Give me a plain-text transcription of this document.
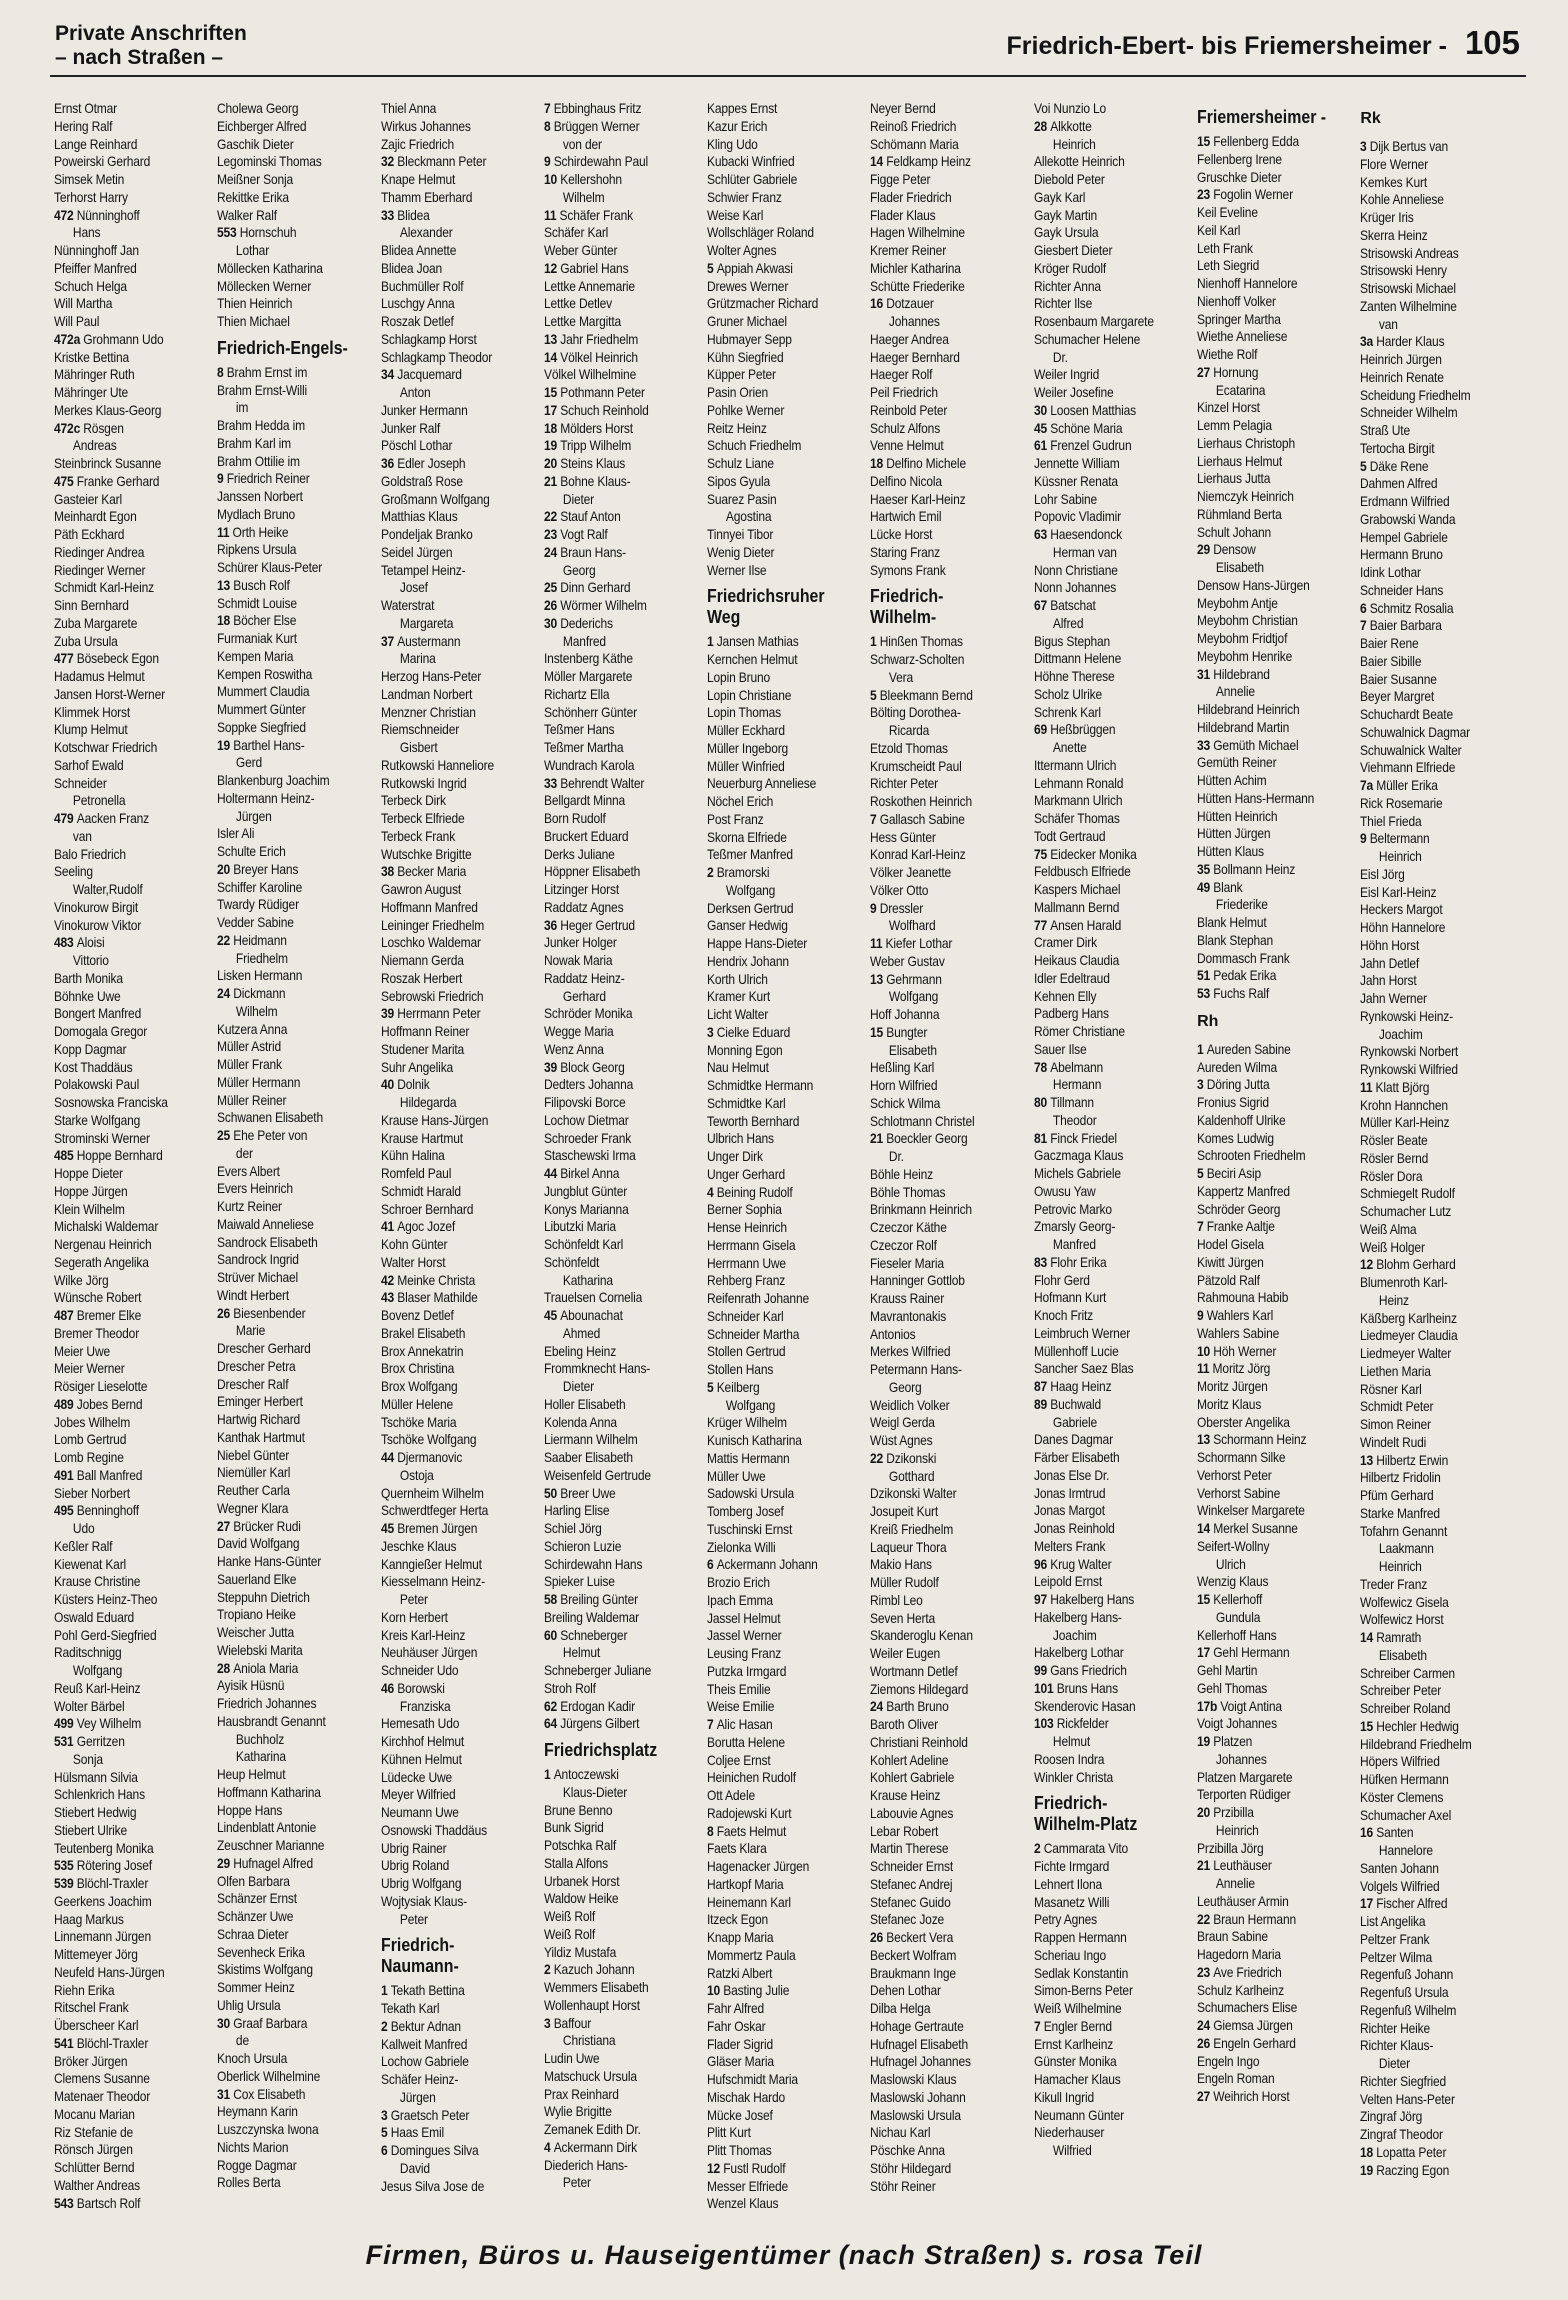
Private Anschriften
– nach Straßen –	Friedrich-Ebert- bis Friemersheimer - 105
Ernst Otmar
Hering Ralf
Lange Reinhard
Poweirski Gerhard
Simsek Metin
Terhorst Harry
472 Nünninghoff
Hans
Nünninghoff Jan
Pfeiffer Manfred
Schuch Helga
Will Martha
Will Paul
472a Grohmann Udo
Kristke Bettina
Mähringer Ruth
Mähringer Ute
Merkes Klaus-Georg
472c Rösgen
Andreas
Steinbrinck Susanne
475 Franke Gerhard
Gasteier Karl
Meinhardt Egon
Päth Eckhard
Riedinger Andrea
Riedinger Werner
Schmidt Karl-Heinz
Sinn Bernhard
Zuba Margarete
Zuba Ursula
477 Bösebeck Egon
Hadamus Helmut
Jansen Horst-Werner
Klimmek Horst
Klump Helmut
Kotschwar Friedrich
Sarhof Ewald
Schneider
Petronella
479 Aacken Franz
van
Balo Friedrich
Seeling
Walter,Rudolf
Vinokurow Birgit
Vinokurow Viktor
483 Aloisi
Vittorio
Barth Monika
Böhnke Uwe
Bongert Manfred
Domogala Gregor
Kopp Dagmar
Kost Thaddäus
Polakowski Paul
Sosnowska Franciska
Starke Wolfgang
Strominski Werner
485 Hoppe Bernhard
Hoppe Dieter
Hoppe Jürgen
Klein Wilhelm
Michalski Waldemar
Nergenau Heinrich
Segerath Angelika
Wilke Jörg
Wünsche Robert
487 Bremer Elke
Bremer Theodor
Meier Uwe
Meier Werner
Rösiger Lieselotte
489 Jobes Bernd
Jobes Wilhelm
Lomb Gertrud
Lomb Regine
491 Ball Manfred
Sieber Norbert
495 Benninghoff
Udo
Keßler Ralf
Kiewenat Karl
Krause Christine
Küsters Heinz-Theo
Oswald Eduard
Pohl Gerd-Siegfried
Raditschnigg
Wolfgang
Reuß Karl-Heinz
Wolter Bärbel
499 Vey Wilhelm
531 Gerritzen
Sonja
Hülsmann Silvia
Schlenkrich Hans
Stiebert Hedwig
Stiebert Ulrike
Teutenberg Monika
535 Rötering Josef
539 Blöchl-Traxler
Geerkens Joachim
Haag Markus
Linnemann Jürgen
Mittemeyer Jörg
Neufeld Hans-Jürgen
Riehn Erika
Ritschel Frank
Überscheer Karl
541 Blöchl-Traxler
Bröker Jürgen
Clemens Susanne
Matenaer Theodor
Mocanu Marian
Riz Stefanie de
Rönsch Jürgen
Schlütter Bernd
Walther Andreas
543 Bartsch Rolf
Cholewa Georg
Eichberger Alfred
Gaschik Dieter
Legominski Thomas
Meißner Sonja
Rekittke Erika
Walker Ralf
553 Hornschuh
Lothar
Möllecken Katharina
Möllecken Werner
Thien Heinrich
Thien Michael
Friedrich-Engels-
8 Brahm Ernst im
Brahm Ernst-Willi
im
Brahm Hedda im
Brahm Karl im
Brahm Ottilie im
9 Friedrich Reiner
Janssen Norbert
Mydlach Bruno
11 Orth Heike
Ripkens Ursula
Schürer Klaus-Peter
13 Busch Rolf
Schmidt Louise
18 Böcher Else
Furmaniak Kurt
Kempen Maria
Kempen Roswitha
Mummert Claudia
Mummert Günter
Soppke Siegfried
19 Barthel Hans-
Gerd
Blankenburg Joachim
Holtermann Heinz-
Jürgen
Isler Ali
Schulte Erich
20 Breyer Hans
Schiffer Karoline
Twardy Rüdiger
Vedder Sabine
22 Heidmann
Friedhelm
Lisken Hermann
24 Dickmann
Wilhelm
Kutzera Anna
Müller Astrid
Müller Frank
Müller Hermann
Müller Reiner
Schwanen Elisabeth
25 Ehe Peter von
der
Evers Albert
Evers Heinrich
Kurtz Reiner
Maiwald Anneliese
Sandrock Elisabeth
Sandrock Ingrid
Strüver Michael
Windt Herbert
26 Biesenbender
Marie
Drescher Gerhard
Drescher Petra
Drescher Ralf
Eminger Herbert
Hartwig Richard
Kanthak Hartmut
Niebel Günter
Niemüller Karl
Reuther Carla
Wegner Klara
27 Brücker Rudi
David Wolfgang
Hanke Hans-Günter
Sauerland Elke
Steppuhn Dietrich
Tropiano Heike
Weischer Jutta
Wielebski Marita
28 Aniola Maria
Ayisik Hüsnü
Friedrich Johannes
Hausbrandt Genannt
Buchholz
Katharina
Heup Helmut
Hoffmann Katharina
Hoppe Hans
Lindenblatt Antonie
Zeuschner Marianne
29 Hufnagel Alfred
Olfen Barbara
Schänzer Ernst
Schänzer Uwe
Schraa Dieter
Sevenheck Erika
Skistims Wolfgang
Sommer Heinz
Uhlig Ursula
30 Graaf Barbara
de
Knoch Ursula
Oberlick Wilhelmine
31 Cox Elisabeth
Heymann Karin
Luszczynska Iwona
Nichts Marion
Rogge Dagmar
Rolles Berta
Thiel Anna
Wirkus Johannes
Zajic Friedrich
32 Bleckmann Peter
Knape Helmut
Thamm Eberhard
33 Blidea
Alexander
Blidea Annette
Blidea Joan
Buchmüller Rolf
Luschgy Anna
Roszak Detlef
Schlagkamp Horst
Schlagkamp Theodor
34 Jacquemard
Anton
Junker Hermann
Junker Ralf
Pöschl Lothar
36 Edler Joseph
Goldstraß Rose
Großmann Wolfgang
Matthias Klaus
Pondeljak Branko
Seidel Jürgen
Tetampel Heinz-
Josef
Waterstrat
Margareta
37 Austermann
Marina
Herzog Hans-Peter
Landman Norbert
Menzner Christian
Riemschneider
Gisbert
Rutkowski Hanneliore
Rutkowski Ingrid
Terbeck Dirk
Terbeck Elfriede
Terbeck Frank
Wutschke Brigitte
38 Becker Maria
Gawron August
Hoffmann Manfred
Leininger Friedhelm
Loschko Waldemar
Niemann Gerda
Roszak Herbert
Sebrowski Friedrich
39 Herrmann Peter
Hoffmann Reiner
Studener Marita
Suhr Angelika
40 Dolnik
Hildegarda
Krause Hans-Jürgen
Krause Hartmut
Kühn Halina
Romfeld Paul
Schmidt Harald
Schroer Bernhard
41 Agoc Jozef
Kohn Günter
Walter Horst
42 Meinke Christa
43 Blaser Mathilde
Bovenz Detlef
Brakel Elisabeth
Brox Annekatrin
Brox Christina
Brox Wolfgang
Müller Helene
Tschöke Maria
Tschöke Wolfgang
44 Djermanovic
Ostoja
Quernheim Wilhelm
Schwerdtfeger Herta
45 Bremen Jürgen
Jeschke Klaus
Kanngießer Helmut
Kiesselmann Heinz-
Peter
Korn Herbert
Kreis Karl-Heinz
Neuhäuser Jürgen
Schneider Udo
46 Borowski
Franziska
Hemesath Udo
Kirchhof Helmut
Kühnen Helmut
Lüdecke Uwe
Meyer Wilfried
Neumann Uwe
Osnowski Thaddäus
Ubrig Rainer
Ubrig Roland
Ubrig Wolfgang
Wojtysiak Klaus-
Peter
Friedrich-
Naumann-
1 Tekath Bettina
Tekath Karl
2 Bektur Adnan
Kallweit Manfred
Lochow Gabriele
Schäfer Heinz-
Jürgen
3 Graetsch Peter
5 Haas Emil
6 Domingues Silva
David
Jesus Silva Jose de
7 Ebbinghaus Fritz
8 Brüggen Werner
von der
9 Schirdewahn Paul
10 Kellershohn
Wilhelm
11 Schäfer Frank
Schäfer Karl
Weber Günter
12 Gabriel Hans
Lettke Annemarie
Lettke Detlev
Lettke Margitta
13 Jahr Friedhelm
14 Völkel Heinrich
Völkel Wilhelmine
15 Pothmann Peter
17 Schuch Reinhold
18 Mölders Horst
19 Tripp Wilhelm
20 Steins Klaus
21 Bohne Klaus-
Dieter
22 Stauf Anton
23 Vogt Ralf
24 Braun Hans-
Georg
25 Dinn Gerhard
26 Wörmer Wilhelm
30 Dederichs
Manfred
Instenberg Käthe
Möller Margarete
Richartz Ella
Schönherr Günter
Teßmer Hans
Teßmer Martha
Wundrach Karola
33 Behrendt Walter
Bellgardt Minna
Born Rudolf
Bruckert Eduard
Derks Juliane
Höppner Elisabeth
Litzinger Horst
Raddatz Agnes
36 Heger Gertrud
Junker Holger
Nowak Maria
Raddatz Heinz-
Gerhard
Schröder Monika
Wegge Maria
Wenz Anna
39 Block Georg
Dedters Johanna
Filipovski Borce
Lochow Dietmar
Schroeder Frank
Staschewski Irma
44 Birkel Anna
Jungblut Günter
Konys Marianna
Libutzki Maria
Schönfeldt Karl
Schönfeldt
Katharina
Trauelsen Cornelia
45 Abounachat
Ahmed
Ebeling Heinz
Frommknecht Hans-
Dieter
Holler Elisabeth
Kolenda Anna
Liermann Wilhelm
Saaber Elisabeth
Weisenfeld Gertrude
50 Breer Uwe
Harling Elise
Schiel Jörg
Schieron Luzie
Schirdewahn Hans
Spieker Luise
58 Breiling Günter
Breiling Waldemar
60 Schneberger
Helmut
Schneberger Juliane
Stroh Rolf
62 Erdogan Kadir
64 Jürgens Gilbert
Friedrichsplatz
1 Antoczewski
Klaus-Dieter
Brune Benno
Bunk Sigrid
Potschka Ralf
Stalla Alfons
Urbanek Horst
Waldow Heike
Weiß Rolf
Weiß Rolf
Yildiz Mustafa
2 Kazuch Johann
Wemmers Elisabeth
Wollenhaupt Horst
3 Baffour
Christiana
Ludin Uwe
Matschuck Ursula
Prax Reinhard
Wylie Brigitte
Zemanek Edith Dr.
4 Ackermann Dirk
Diederich Hans-
Peter
Kappes Ernst
Kazur Erich
Kling Udo
Kubacki Winfried
Schlüter Gabriele
Schwier Franz
Weise Karl
Wollschläger Roland
Wolter Agnes
5 Appiah Akwasi
Drewes Werner
Grützmacher Richard
Gruner Michael
Hubmayer Sepp
Kühn Siegfried
Küpper Peter
Pasin Orien
Pohlke Werner
Reitz Heinz
Schuch Friedhelm
Schulz Liane
Sipos Gyula
Suarez Pasin
Agostina
Tinnyei Tibor
Wenig Dieter
Werner Ilse
Friedrichsruher
Weg
1 Jansen Mathias
Kernchen Helmut
Lopin Bruno
Lopin Christiane
Lopin Thomas
Müller Eckhard
Müller Ingeborg
Müller Winfried
Neuerburg Anneliese
Nöchel Erich
Post Franz
Skorna Elfriede
Teßmer Manfred
2 Bramorski
Wolfgang
Derksen Gertrud
Ganser Hedwig
Happe Hans-Dieter
Hendrix Johann
Korth Ulrich
Kramer Kurt
Licht Walter
3 Cielke Eduard
Monning Egon
Nau Helmut
Schmidtke Hermann
Schmidtke Karl
Teworth Bernhard
Ulbrich Hans
Unger Dirk
Unger Gerhard
4 Beining Rudolf
Berner Sophia
Hense Heinrich
Herrmann Gisela
Herrmann Uwe
Rehberg Franz
Reifenrath Johanne
Schneider Karl
Schneider Martha
Stollen Gertrud
Stollen Hans
5 Keilberg
Wolfgang
Krüger Wilhelm
Kunisch Katharina
Mattis Hermann
Müller Uwe
Sadowski Ursula
Tomberg Josef
Tuschinski Ernst
Zielonka Willi
6 Ackermann Johann
Brozio Erich
Ipach Emma
Jassel Helmut
Jassel Werner
Leusing Franz
Putzka Irmgard
Theis Emilie
Weise Emilie
7 Alic Hasan
Borutta Helene
Coljee Ernst
Heinichen Rudolf
Ott Adele
Radojewski Kurt
8 Faets Helmut
Faets Klara
Hagenacker Jürgen
Hartkopf Maria
Heinemann Karl
Itzeck Egon
Knapp Maria
Mommertz Paula
Ratzki Albert
10 Basting Julie
Fahr Alfred
Fahr Oskar
Flader Sigrid
Gläser Maria
Hufschmidt Maria
Mischak Hardo
Mücke Josef
Plitt Kurt
Plitt Thomas
12 Fustl Rudolf
Messer Elfriede
Wenzel Klaus
Neyer Bernd
Reinoß Friedrich
Schömann Maria
14 Feldkamp Heinz
Figge Peter
Flader Friedrich
Flader Klaus
Hagen Wilhelmine
Kremer Reiner
Michler Katharina
Schütte Friederike
16 Dotzauer
Johannes
Haeger Andrea
Haeger Bernhard
Haeger Rolf
Peil Friedrich
Reinbold Peter
Schulz Alfons
Venne Helmut
18 Delfino Michele
Delfino Nicola
Haeser Karl-Heinz
Hartwich Emil
Lücke Horst
Staring Franz
Symons Frank
Friedrich-
Wilhelm-
1 Hinßen Thomas
Schwarz-Scholten
Vera
5 Bleekmann Bernd
Bölting Dorothea-
Ricarda
Etzold Thomas
Krumscheidt Paul
Richter Peter
Roskothen Heinrich
7 Gallasch Sabine
Hess Günter
Konrad Karl-Heinz
Völker Jeanette
Völker Otto
9 Dressler
Wolfhard
11 Kiefer Lothar
Weber Gustav
13 Gehrmann
Wolfgang
Hoff Johanna
15 Bungter
Elisabeth
Heßling Karl
Horn Wilfried
Schick Wilma
Schlotmann Christel
21 Boeckler Georg
Dr.
Böhle Heinz
Böhle Thomas
Brinkmann Heinrich
Czeczor Käthe
Czeczor Rolf
Fieseler Maria
Hanninger Gottlob
Krauss Rainer
Mavrantonakis
Antonios
Merkes Wilfried
Petermann Hans-
Georg
Weidlich Volker
Weigl Gerda
Wüst Agnes
22 Dzikonski
Gotthard
Dzikonski Walter
Josupeit Kurt
Kreiß Friedhelm
Laqueur Thora
Makio Hans
Müller Rudolf
Rimbl Leo
Seven Herta
Skanderoglu Kenan
Weiler Eugen
Wortmann Detlef
Ziemons Hildegard
24 Barth Bruno
Baroth Oliver
Christiani Reinhold
Kohlert Adeline
Kohlert Gabriele
Krause Heinz
Labouvie Agnes
Lebar Robert
Martin Therese
Schneider Ernst
Stefanec Andrej
Stefanec Guido
Stefanec Joze
26 Beckert Vera
Beckert Wolfram
Braukmann Inge
Dehen Lothar
Dilba Helga
Hohage Gertraute
Hufnagel Elisabeth
Hufnagel Johannes
Maslowski Klaus
Maslowski Johann
Maslowski Ursula
Nichau Karl
Pöschke Anna
Stöhr Hildegard
Stöhr Reiner
Voi Nunzio Lo
28 Alkkotte
Heinrich
Allekotte Heinrich
Diebold Peter
Gayk Karl
Gayk Martin
Gayk Ursula
Giesbert Dieter
Kröger Rudolf
Richter Anna
Richter Ilse
Rosenbaum Margarete
Schumacher Helene
Dr.
Weiler Ingrid
Weiler Josefine
30 Loosen Matthias
45 Schöne Maria
61 Frenzel Gudrun
Jennette William
Küssner Renata
Lohr Sabine
Popovic Vladimir
63 Haesendonck
Herman van
Nonn Christiane
Nonn Johannes
67 Batschat
Alfred
Bigus Stephan
Dittmann Helene
Höhne Therese
Scholz Ulrike
Schrenk Karl
69 Heßbrüggen
Anette
Ittermann Ulrich
Lehmann Ronald
Markmann Ulrich
Schäfer Thomas
Todt Gertraud
75 Eidecker Monika
Feldbusch Elfriede
Kaspers Michael
Mallmann Bernd
77 Ansen Harald
Cramer Dirk
Heikaus Claudia
Idler Edeltraud
Kehnen Elly
Padberg Hans
Römer Christiane
Sauer Ilse
78 Abelmann
Hermann
80 Tillmann
Theodor
81 Finck Friedel
Gaczmaga Klaus
Michels Gabriele
Owusu Yaw
Petrovic Marko
Zmarsly Georg-
Manfred
83 Flohr Erika
Flohr Gerd
Hofmann Kurt
Knoch Fritz
Leimbruch Werner
Müllenhoff Lucie
Sancher Saez Blas
87 Haag Heinz
89 Buchwald
Gabriele
Danes Dagmar
Färber Elisabeth
Jonas Else Dr.
Jonas Irmtrud
Jonas Margot
Jonas Reinhold
Melters Frank
96 Krug Walter
Leipold Ernst
97 Hakelberg Hans
Hakelberg Hans-
Joachim
Hakelberg Lothar
99 Gans Friedrich
101 Bruns Hans
Skenderovic Hasan
103 Rickfelder
Helmut
Roosen Indra
Winkler Christa
Friedrich-
Wilhelm-Platz
2 Cammarata Vito
Fichte Irmgard
Lehnert Ilona
Masanetz Willi
Petry Agnes
Rappen Hermann
Scheriau Ingo
Sedlak Konstantin
Simon-Berns Peter
Weiß Wilhelmine
7 Engler Bernd
Ernst Karlheinz
Günster Monika
Hamacher Klaus
Kikull Ingrid
Neumann Günter
Niederhauser
Wilfried
Friemersheimer -
15 Fellenberg Edda
Fellenberg Irene
Gruschke Dieter
23 Fogolin Werner
Keil Eveline
Keil Karl
Leth Frank
Leth Siegrid
Nienhoff Hannelore
Nienhoff Volker
Springer Martha
Wiethe Anneliese
Wiethe Rolf
27 Hornung
Ecatarina
Kinzel Horst
Lemm Pelagia
Lierhaus Christoph
Lierhaus Helmut
Lierhaus Jutta
Niemczyk Heinrich
Rühmland Berta
Schult Johann
29 Densow
Elisabeth
Densow Hans-Jürgen
Meybohm Antje
Meybohm Christian
Meybohm Fridtjof
Meybohm Henrike
31 Hildebrand
Annelie
Hildebrand Heinrich
Hildebrand Martin
33 Gemüth Michael
Gemüth Reiner
Hütten Achim
Hütten Hans-Hermann
Hütten Heinrich
Hütten Jürgen
Hütten Klaus
35 Bollmann Heinz
49 Blank
Friederike
Blank Helmut
Blank Stephan
Dommasch Frank
51 Pedak Erika
53 Fuchs Ralf
Rh
1 Aureden Sabine
Aureden Wilma
3 Döring Jutta
Fronius Sigrid
Kaldenhoff Ulrike
Komes Ludwig
Schrooten Friedhelm
5 Beciri Asip
Kappertz Manfred
Schröder Georg
7 Franke Aaltje
Hodel Gisela
Kiwitt Jürgen
Pätzold Ralf
Rahmouna Habib
9 Wahlers Karl
Wahlers Sabine
10 Höh Werner
11 Moritz Jörg
Moritz Jürgen
Moritz Klaus
Oberster Angelika
13 Schormann Heinz
Schormann Silke
Verhorst Peter
Verhorst Sabine
Winkelser Margarete
14 Merkel Susanne
Seifert-Wollny
Ulrich
Wenzig Klaus
15 Kellerhoff
Gundula
Kellerhoff Hans
17 Gehl Hermann
Gehl Martin
Gehl Thomas
17b Voigt Antina
Voigt Johannes
19 Platzen
Johannes
Platzen Margarete
Terporten Rüdiger
20 Przibilla
Heinrich
Przibilla Jörg
21 Leuthäuser
Annelie
Leuthäuser Armin
22 Braun Hermann
Braun Sabine
Hagedorn Maria
23 Ave Friedrich
Schulz Karlheinz
Schumachers Elise
24 Giemsa Jürgen
26 Engeln Gerhard
Engeln Ingo
Engeln Roman
27 Weihrich Horst
Rk
3 Dijk Bertus van
Flore Werner
Kemkes Kurt
Kohle Anneliese
Krüger Iris
Skerra Heinz
Strisowski Andreas
Strisowski Henry
Strisowski Michael
Zanten Wilhelmine
van
3a Harder Klaus
Heinrich Jürgen
Heinrich Renate
Scheidung Friedhelm
Schneider Wilhelm
Straß Ute
Tertocha Birgit
5 Däke Rene
Dahmen Alfred
Erdmann Wilfried
Grabowski Wanda
Hempel Gabriele
Hermann Bruno
Idink Lothar
Schneider Hans
6 Schmitz Rosalia
7 Baier Barbara
Baier Rene
Baier Sibille
Baier Susanne
Beyer Margret
Schuchardt Beate
Schuwalnick Dagmar
Schuwalnick Walter
Viehmann Elfriede
7a Müller Erika
Rick Rosemarie
Thiel Frieda
9 Beltermann
Heinrich
Eisl Jörg
Eisl Karl-Heinz
Heckers Margot
Höhn Hannelore
Höhn Horst
Jahn Detlef
Jahn Horst
Jahn Werner
Rynkowski Heinz-
Joachim
Rynkowski Norbert
Rynkowski Wilfried
11 Klatt Björg
Krohn Hannchen
Müller Karl-Heinz
Rösler Beate
Rösler Bernd
Rösler Dora
Schmiegelt Rudolf
Schumacher Lutz
Weiß Alma
Weiß Holger
12 Blohm Gerhard
Blumenroth Karl-
Heinz
Käßberg Karlheinz
Liedmeyer Claudia
Liedmeyer Walter
Liethen Maria
Rösner Karl
Schmidt Peter
Simon Reiner
Windelt Rudi
13 Hilbertz Erwin
Hilbertz Fridolin
Pfüm Gerhard
Starke Manfred
Tofahrn Genannt
Laakmann
Heinrich
Treder Franz
Wolfewicz Gisela
Wolfewicz Horst
14 Ramrath
Elisabeth
Schreiber Carmen
Schreiber Peter
Schreiber Roland
15 Hechler Hedwig
Hildebrand Friedhelm
Höpers Wilfried
Hüfken Hermann
Köster Clemens
Schumacher Axel
16 Santen
Hannelore
Santen Johann
Volgels Wilfried
17 Fischer Alfred
List Angelika
Peltzer Frank
Peltzer Wilma
Regenfuß Johann
Regenfuß Ursula
Regenfuß Wilhelm
Richter Heike
Richter Klaus-
Dieter
Richter Siegfried
Velten Hans-Peter
Zingraf Jörg
Zingraf Theodor
18 Lopatta Peter
19 Raczing Egon
Firmen, Büros u. Hauseigentümer (nach Straßen) s. rosa Teil
